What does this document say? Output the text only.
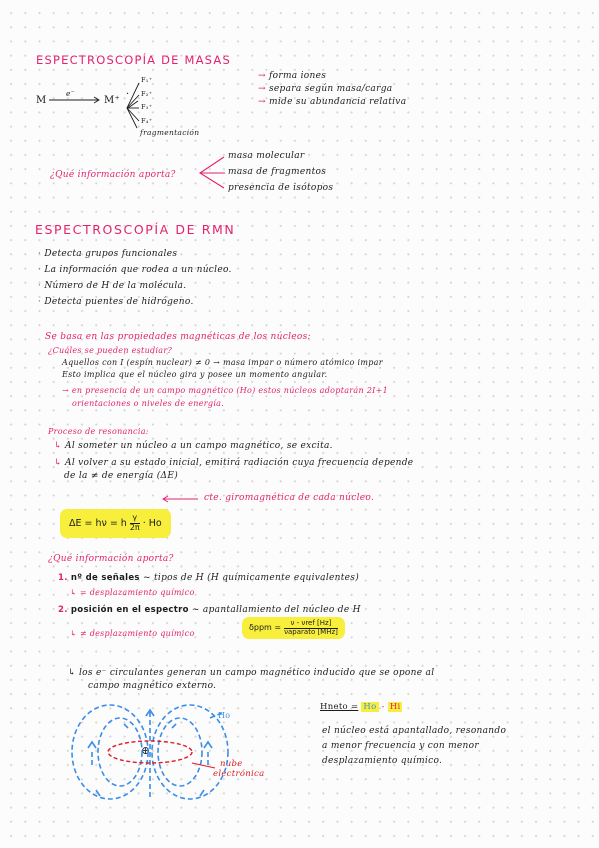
ESPECTROSCOPÍA DE MASAS
M
e⁻
M⁺
·
F₁⁺
F₂⁺
F₃⁺
F₄⁺
fragmentación
→ forma iones
→ separa según masa/carga
→ mide su abundancia relativa
¿Qué información aporta?
masa molecular
masa de fragmentos
presencia de isótopos
ESPECTROSCOPÍA DE RMN
· Detecta grupos funcionales
· La información que rodea a un núcleo.
· Número de H de la molécula.
· Detecta puentes de hidrógeno.
Se basa en las propiedades magnéticas de los núcleos:
¿Cuáles se pueden estudiar?
Aquellos con I (espín nuclear) ≠ 0 → masa impar o número atómico impar
Esto implica que el núcleo gira y posee un momento angular.
→ en presencia de un campo magnético (Ho) estos núcleos adoptarán 2I+1
orientaciones o niveles de energía.
Proceso de resonancia:
↳ Al someter un núcleo a un campo magnético, se excita.
↳ Al volver a su estado inicial, emitirá radiación cuya frecuencia depende
de la ≠ de energía (ΔE)
cte. giromagnética de cada núcleo.
ΔE = hν = h $\frac{\gamma}{2\pi} \cdot Ho$
¿Qué información aporta?
1. nº de señales ~ tipos de H (H químicamente equivalentes)
↳ = desplazamiento químico
2. posición en el espectro ~ apantallamiento del núcleo de H
↳ ≠ desplazamiento químico
$\delta ppm = \frac{\text{ν - νref [Hz]}}{\text{νaparato [MHz]}}$
↳ los e⁻ circulantes generan un campo magnético inducido que se opone al
campo magnético externo.
Hneto = Ho - Hi
el núcleo está apantallado, resonando
a menor frecuencia y con menor
desplazamiento químico.
Ho
⊕
nube
electrónica
